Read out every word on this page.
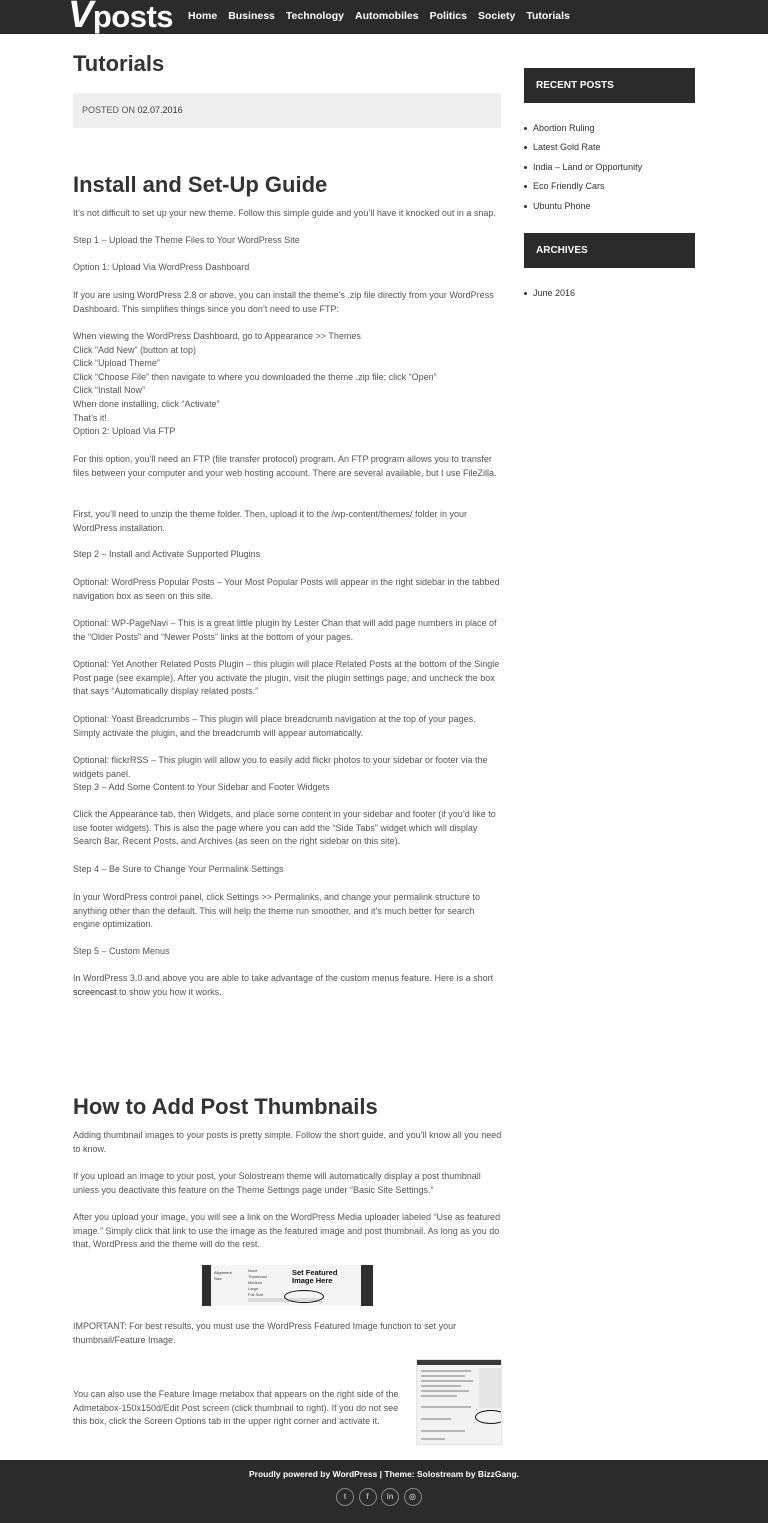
Vposts Home Business Technology Automobiles Politics Society Tutorials
Tutorials
POSTED ON 02.07.2016
Install and Set-Up Guide

It’s not difficult to set up your new theme. Follow this simple guide and you’ll have it knocked out in a snap.

Step 1 – Upload the Theme Files to Your WordPress Site

Option 1: Upload Via WordPress Dashboard

If you are using WordPress 2.8 or above, you can install the theme’s .zip file directly from your WordPress Dashboard. This simplifies things since you don’t need to use FTP:

When viewing the WordPress Dashboard, go to Appearance >> Themes
Click “Add New” (button at top)
Click “Upload Theme”
Click “Choose File” then navigate to where you downloaded the theme .zip file; click “Open”
Click “Install Now”
When done installing, click “Activate”
That’s it!
Option 2: Upload Via FTP

For this option, you’ll need an FTP (file transfer protocol) program. An FTP program allows you to transfer files between your computer and your web hosting account. There are several available, but I use FileZilla.

First, you’ll need to unzip the theme folder. Then, upload it to the /wp-content/themes/ folder in your WordPress installation.

Step 2 – Install and Activate Supported Plugins

Optional: WordPress Popular Posts – Your Most Popular Posts will appear in the right sidebar in the tabbed navigation box as seen on this site.

Optional: WP-PageNavi – This is a great little plugin by Lester Chan that will add page numbers in place of the “Older Posts” and “Newer Posts” links at the bottom of your pages.

Optional: Yet Another Related Posts Plugin – this plugin will place Related Posts at the bottom of the Single Post page (see example). After you activate the plugin, visit the plugin settings page, and uncheck the box that says “Automatically display related posts.”

Optional: Yoast Breadcrumbs – This plugin will place breadcrumb navigation at the top of your pages. Simply activate the plugin, and the breadcrumb will appear automatically.

Optional: flickrRSS – This plugin will allow you to easily add flickr photos to your sidebar or footer via the widgets panel.

Step 3 – Add Some Content to Your Sidebar and Footer Widgets

Click the Appearance tab, then Widgets, and place some content in your sidebar and footer (if you’d like to use footer widgets). This is also the page where you can add the “Side Tabs” widget which will display Search Bar, Recent Posts, and Archives (as seen on the right sidebar on this site).

Step 4 – Be Sure to Change Your Permalink Settings

In your WordPress control panel, click Settings >> Permalinks, and change your permalink structure to anything other than the default. This will help the theme run smoother, and it’s much better for search engine optimization.

Step 5 – Custom Menus

In WordPress 3.0 and above you are able to take advantage of the custom menus feature. Here is a short screencast to show you how it works.

How to Add Post Thumbnails

Adding thumbnail images to your posts is pretty simple. Follow the short guide, and you’ll know all you need to know.

If you upload an image to your post, your Solostream theme will automatically display a post thumbnail unless you deactivate this feature on the Theme Settings page under “Basic Site Settings.”

After you upload your image, you will see a link on the WordPress Media uploader labeled “Use as featured image.” Simply click that link to use the image as the featured image and post thumbnail. As long as you do that, WordPress and the theme will do the rest.

Alignment
Size
None
Thumbnail
Medium
Large
Full Size
Set Featured Image Here

IMPORTANT: For best results, you must use the WordPress Featured Image function to set your thumbnail/Feature Image.

You can also use the Feature Image metabox that appears on the right side of the Admetabox-150x150d/Edit Post screen (click thumbnail to right). If you do not see this box, click the Screen Options tab in the upper right corner and activate it.

RECENT POSTS
Abortion Ruling
Latest Gold Rate
India – Land or Opportunity
Eco Friendly Cars
Ubuntu Phone
ARCHIVES
June 2016
Proudly powered by WordPress | Theme: Solostream by BizzGang.
t	f	in	◎
